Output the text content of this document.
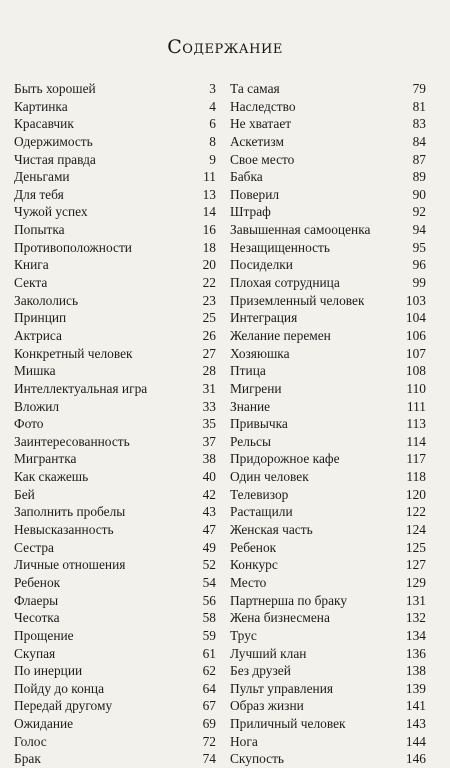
Содержание
Быть хорошей	3
Картинка	4
Красавчик	6
Одержимость	8
Чистая правда	9
Деньгами	11
Для тебя	13
Чужой успех	14
Попытка	16
Противоположности	18
Книга	20
Секта	22
Закололись	23
Принцип	25
Актриса	26
Конкретный человек	27
Мишка	28
Интеллектуальная игра	31
Вложил	33
Фото	35
Заинтересованность	37
Мигрантка	38
Как скажешь	40
Бей	42
Заполнить пробелы	43
Невысказанность	47
Сестра	49
Личные отношения	52
Ребенок	54
Флаеры	56
Чесотка	58
Прощение	59
Скупая	61
По инерции	62
Пойду до конца	64
Передай другому	67
Ожидание	69
Голос	72
Брак	74
Та самая	79
Наследство	81
Не хватает	83
Аскетизм	84
Свое место	87
Бабка	89
Поверил	90
Штраф	92
Завышенная самооценка	94
Незащищенность	95
Посиделки	96
Плохая сотрудница	99
Приземленный человек	103
Интеграция	104
Желание перемен	106
Хозяюшка	107
Птица	108
Мигрени	110
Знание	111
Привычка	113
Рельсы	114
Придорожное кафе	117
Один человек	118
Телевизор	120
Растащили	122
Женская часть	124
Ребенок	125
Конкурс	127
Место	129
Партнерша по браку	131
Жена бизнесмена	132
Трус	134
Лучший клан	136
Без друзей	138
Пульт управления	139
Образ жизни	141
Приличный человек	143
Нога	144
Скупость	146
